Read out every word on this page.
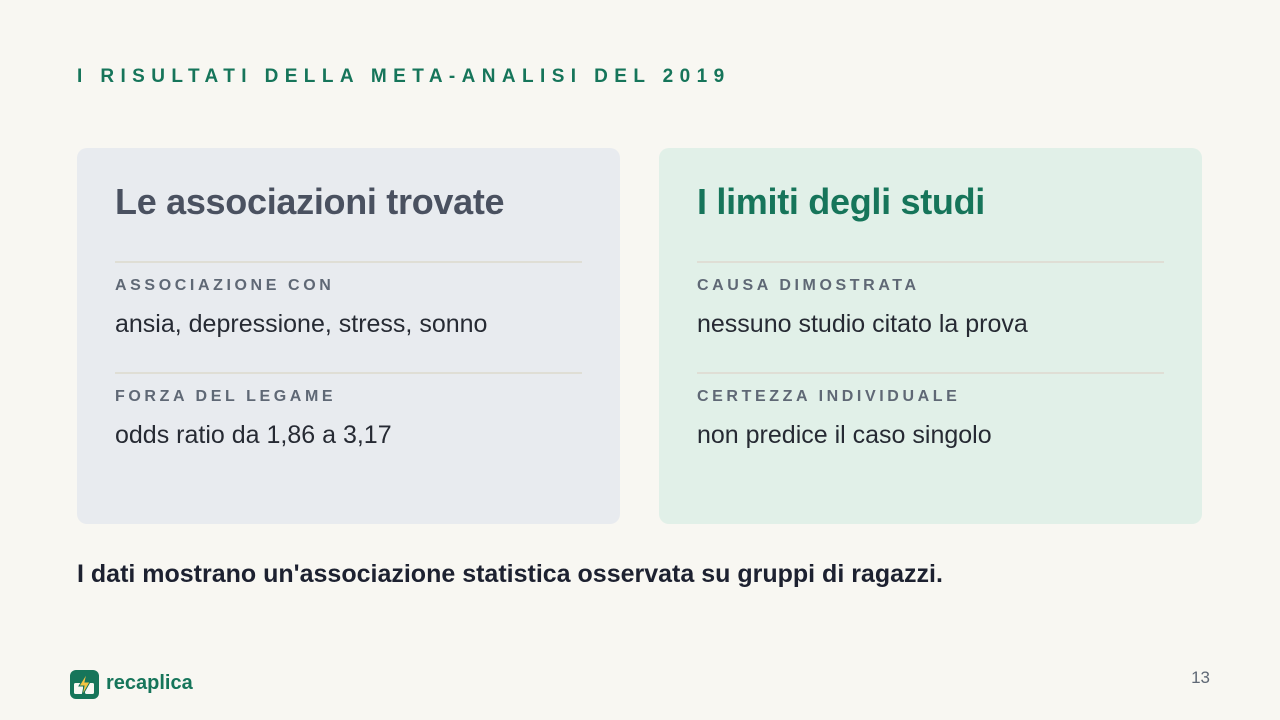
I RISULTATI DELLA META-ANALISI DEL 2019
Le associazioni trovate
ASSOCIAZIONE CON
ansia, depressione, stress, sonno
FORZA DEL LEGAME
odds ratio da 1,86 a 3,17
I limiti degli studi
CAUSA DIMOSTRATA
nessuno studio citato la prova
CERTEZZA INDIVIDUALE
non predice il caso singolo
I dati mostrano un'associazione statistica osservata su gruppi di ragazzi.
recaplica	13
